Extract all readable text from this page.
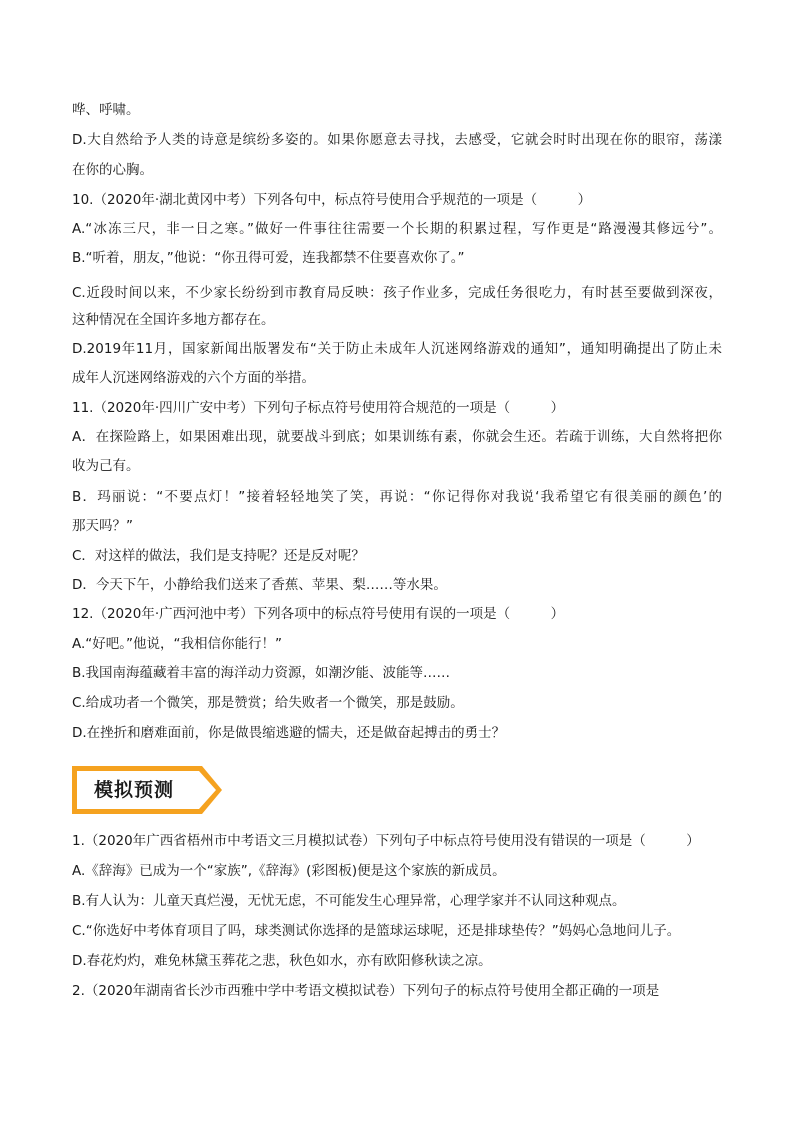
哗、呼啸。
D.大自然给予人类的诗意是缤纷多姿的。如果你愿意去寻找，去感受，它就会时时出现在你的眼帘，荡漾
在你的心胸。
10.（2020年·湖北黄冈中考）下列各句中，标点符号使用合乎规范的一项是（　　　）
A.“冰冻三尺，非一日之寒。”做好一件事往往需要一个长期的积累过程，写作更是“路漫漫其修远兮”。
B.“听着，朋友，”他说：“你丑得可爱，连我都禁不住要喜欢你了。”
C.近段时间以来，不少家长纷纷到市教育局反映：孩子作业多，完成任务很吃力，有时甚至要做到深夜，
这种情况在全国许多地方都存在。
D.2019年11月，国家新闻出版署发布“关于防止未成年人沉迷网络游戏的通知”，通知明确提出了防止未
成年人沉迷网络游戏的六个方面的举措。
11.（2020年·四川广安中考）下列句子标点符号使用符合规范的一项是（　　　）
A．在探险路上，如果困难出现，就要战斗到底；如果训练有素，你就会生还。若疏于训练，大自然将把你
收为己有。
B．玛丽说：“不要点灯！”接着轻轻地笑了笑，再说：“你记得你对我说‘我希望它有很美丽的颜色’的
那天吗？”
C．对这样的做法，我们是支持呢？还是反对呢？
D．今天下午，小静给我们送来了香蕉、苹果、梨……等水果。
12.（2020年·广西河池中考）下列各项中的标点符号使用有误的一项是（　　　）
A.“好吧。”他说，“我相信你能行！”
B.我国南海蕴藏着丰富的海洋动力资源，如潮汐能、波能等……
C.给成功者一个微笑，那是赞赏；给失败者一个微笑，那是鼓励。
D.在挫折和磨难面前，你是做畏缩逃避的懦夫，还是做奋起搏击的勇士？
模拟预测
1.（2020年广西省梧州市中考语文三月模拟试卷）下列句子中标点符号使用没有错误的一项是（　　　）
A.《辞海》已成为一个“家族”,《辞海》(彩图板)便是这个家族的新成员。
B.有人认为：儿童天真烂漫，无忧无虑，不可能发生心理异常，心理学家并不认同这种观点。
C.“你选好中考体育项目了吗，球类测试你选择的是篮球运球呢，还是排球垫传？”妈妈心急地问儿子。
D.春花灼灼，难免林黛玉葬花之悲，秋色如水，亦有欧阳修秋读之凉。
2.（2020年湖南省长沙市西雅中学中考语文模拟试卷）下列句子的标点符号使用全都正确的一项是
